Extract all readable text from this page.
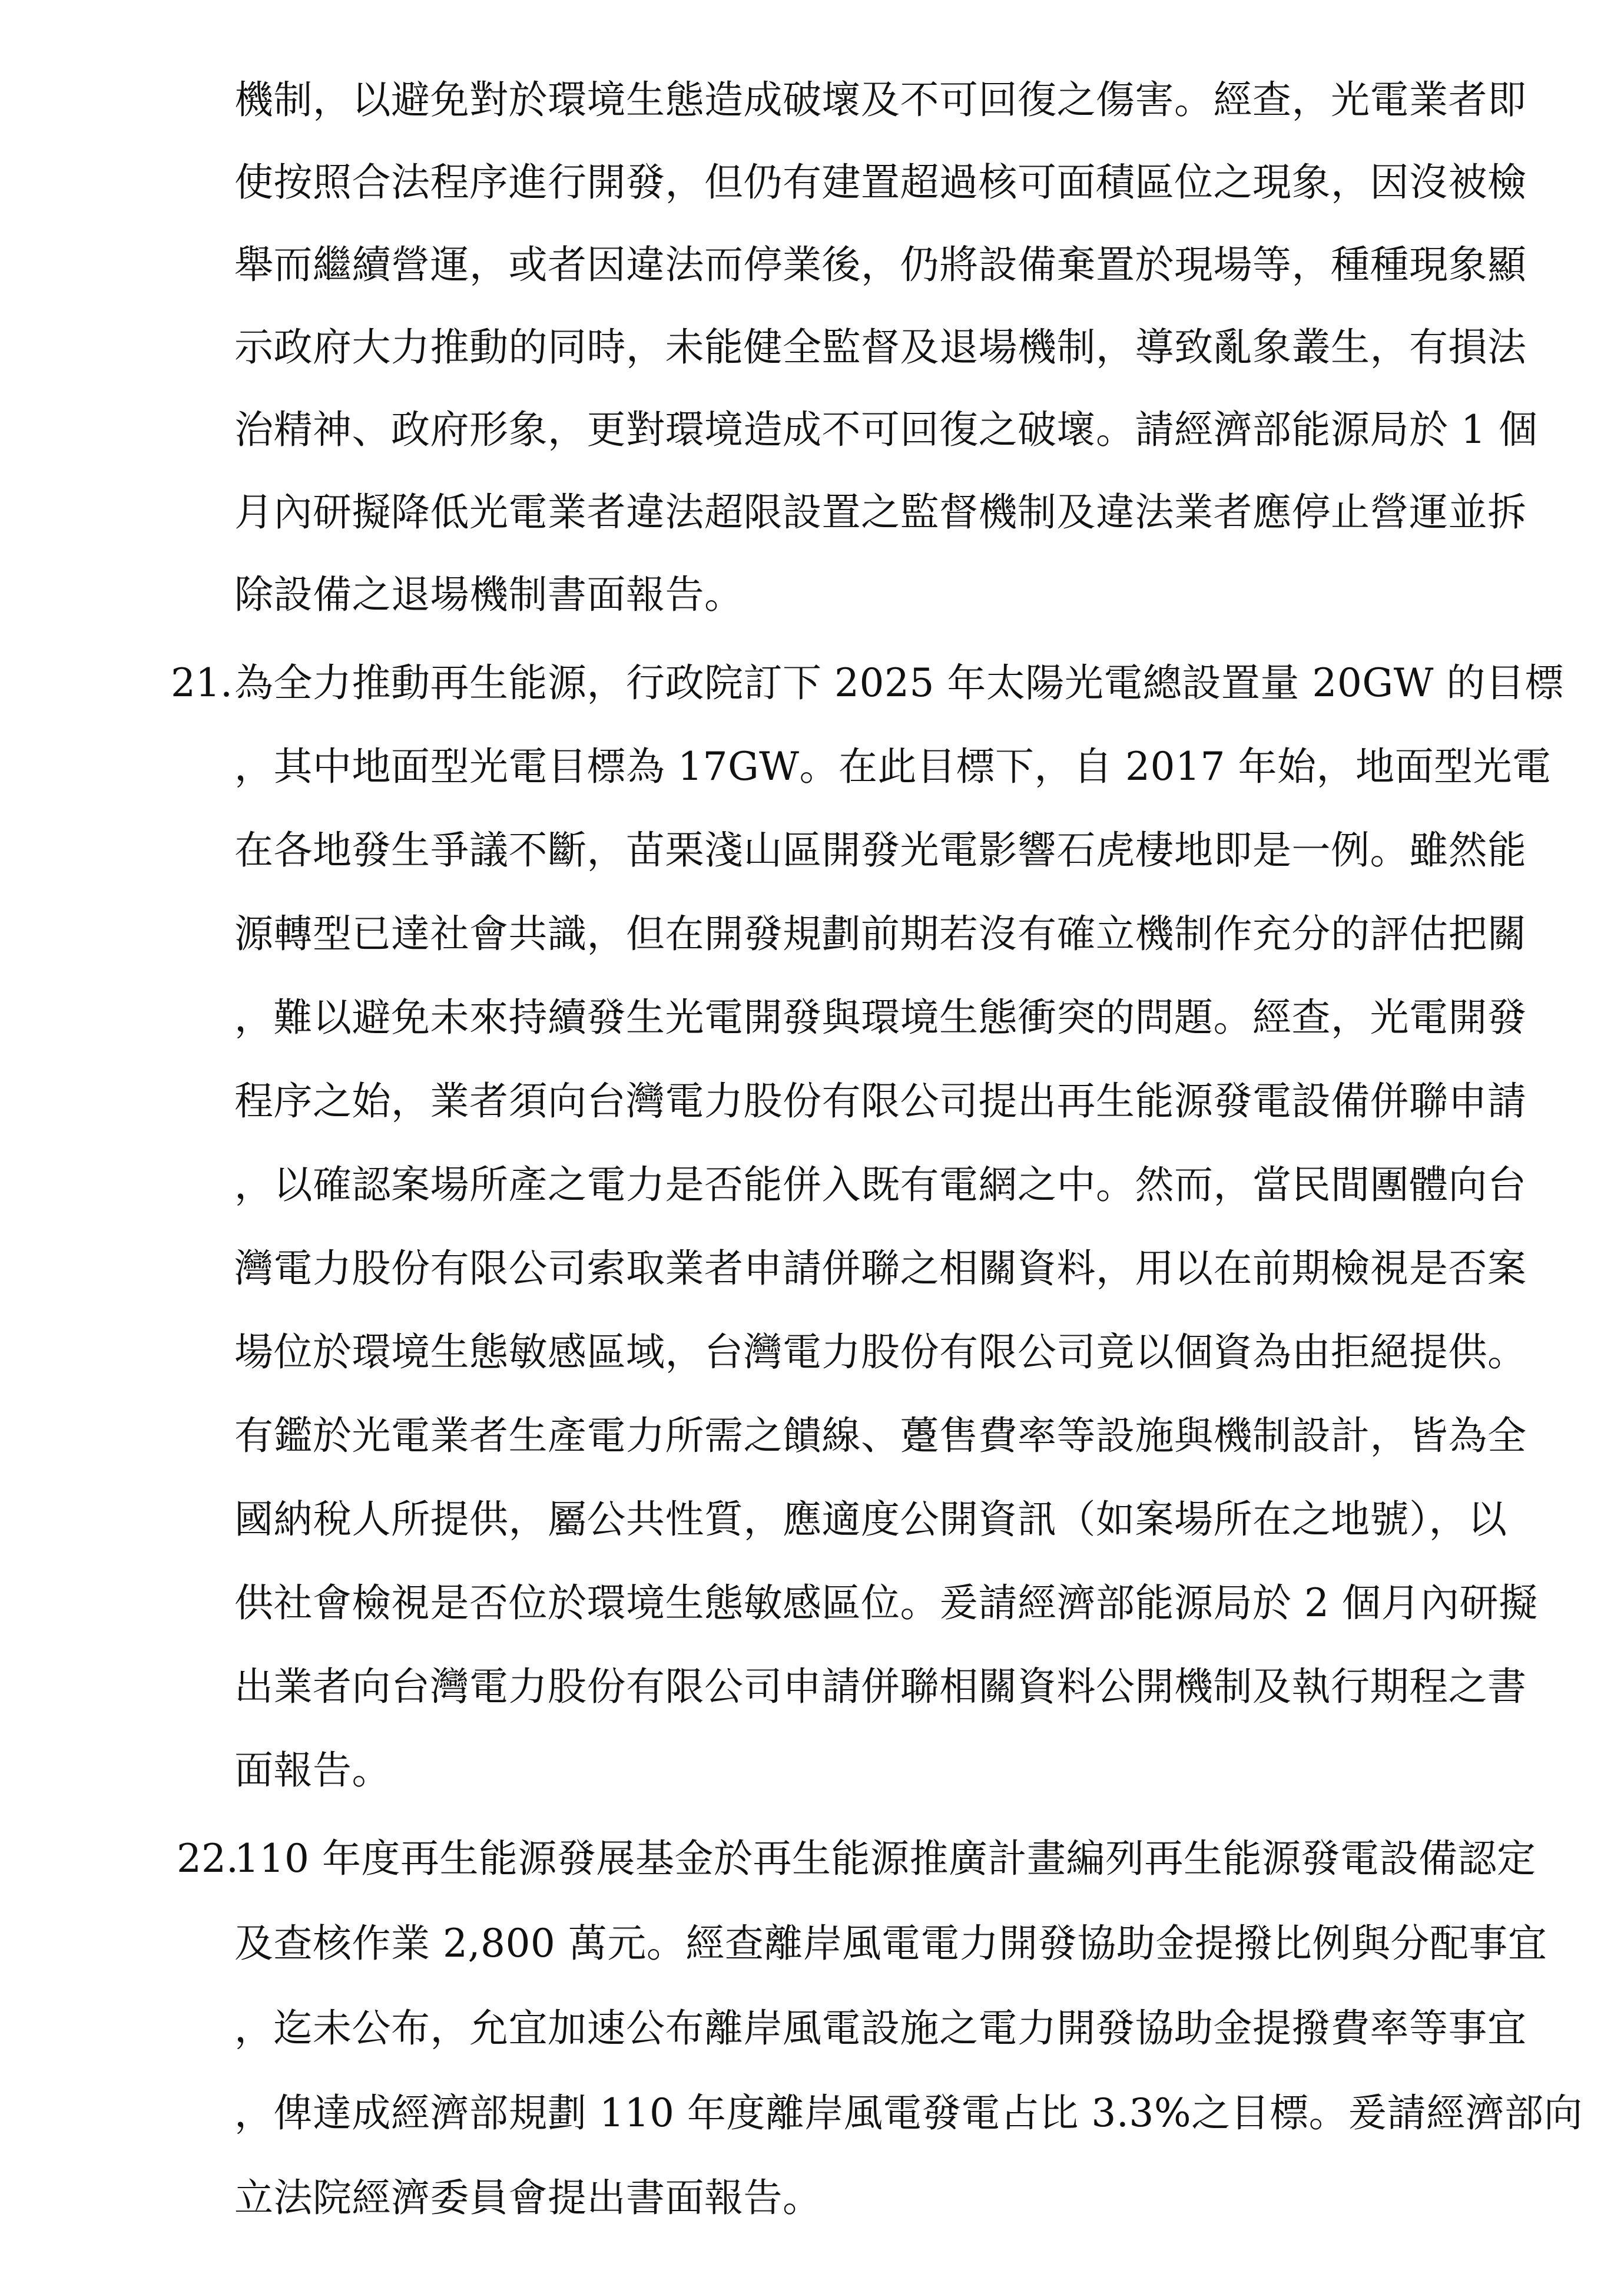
機制，以避免對於環境生態造成破壞及不可回復之傷害。經查，光電業者即
使按照合法程序進行開發，但仍有建置超過核可面積區位之現象，因沒被檢
舉而繼續營運，或者因違法而停業後，仍將設備棄置於現場等，種種現象顯
示政府大力推動的同時，未能健全監督及退場機制，導致亂象叢生，有損法
治精神、政府形象，更對環境造成不可回復之破壞。請經濟部能源局於 1 個
月內研擬降低光電業者違法超限設置之監督機制及違法業者應停止營運並拆
除設備之退場機制書面報告。
21. 為全力推動再生能源，行政院訂下 2025 年太陽光電總設置量 20GW 的目標
，其中地面型光電目標為 17GW。在此目標下，自 2017 年始，地面型光電
在各地發生爭議不斷，苗栗淺山區開發光電影響石虎棲地即是一例。雖然能
源轉型已達社會共識，但在開發規劃前期若沒有確立機制作充分的評估把關
，難以避免未來持續發生光電開發與環境生態衝突的問題。經查，光電開發
程序之始，業者須向台灣電力股份有限公司提出再生能源發電設備併聯申請
，以確認案場所產之電力是否能併入既有電網之中。然而，當民間團體向台
灣電力股份有限公司索取業者申請併聯之相關資料，用以在前期檢視是否案
場位於環境生態敏感區域，台灣電力股份有限公司竟以個資為由拒絕提供。
有鑑於光電業者生產電力所需之饋線、躉售費率等設施與機制設計，皆為全
國納稅人所提供，屬公共性質，應適度公開資訊（如案場所在之地號），以
供社會檢視是否位於環境生態敏感區位。爰請經濟部能源局於 2 個月內研擬
出業者向台灣電力股份有限公司申請併聯相關資料公開機制及執行期程之書
面報告。
22.
110 年度再生能源發展基金於再生能源推廣計畫編列再生能源發電設備認定
及查核作業 2,800 萬元。經查離岸風電電力開發協助金提撥比例與分配事宜
，迄未公布，允宜加速公布離岸風電設施之電力開發協助金提撥費率等事宜
，俾達成經濟部規劃 110 年度離岸風電發電占比 3.3%之目標。爰請經濟部向
立法院經濟委員會提出書面報告。
